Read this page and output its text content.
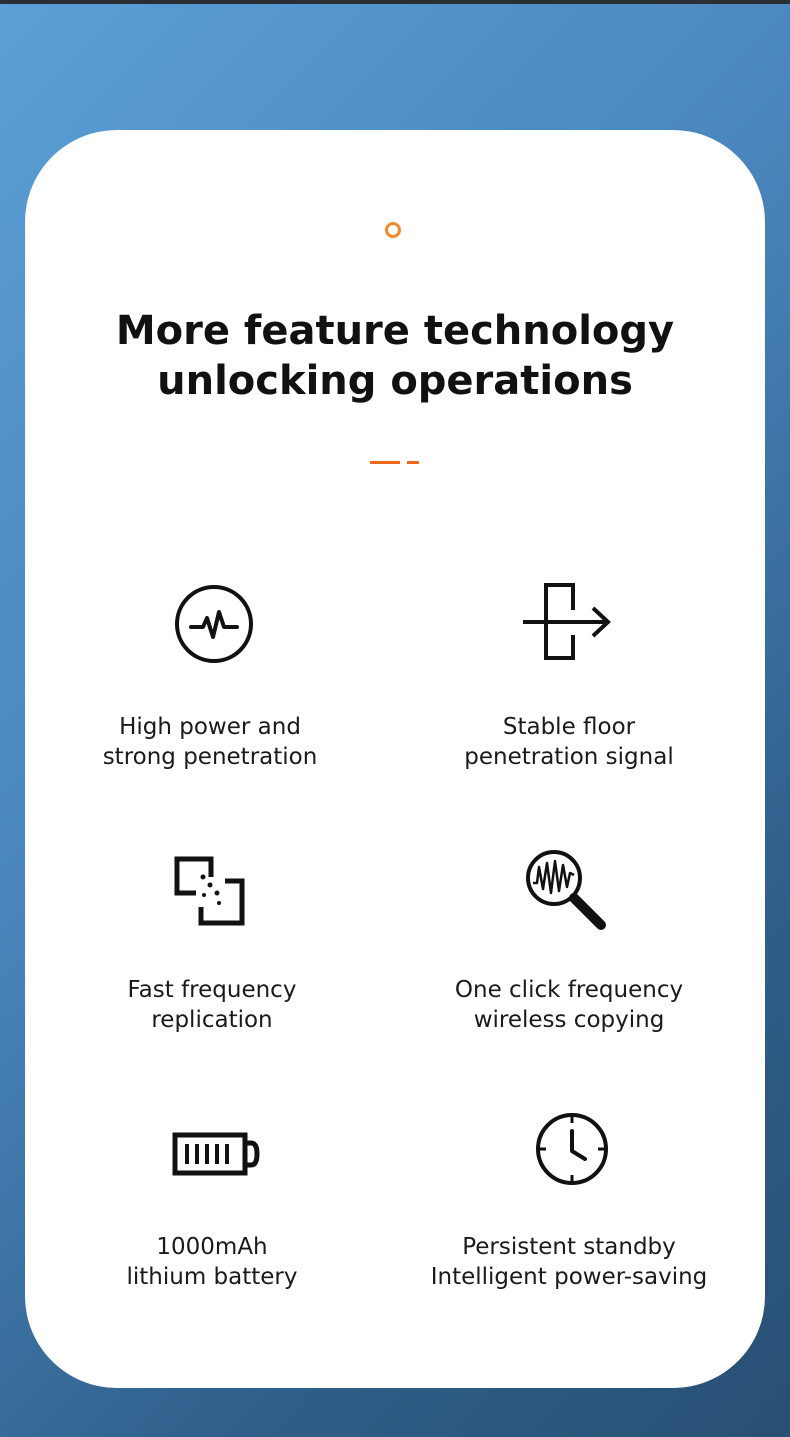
More feature technology
unlocking operations
High power and
strong penetration
Stable floor
penetration signal
Fast frequency
replication
One click frequency
wireless copying
1000mAh
lithium battery
Persistent standby
Intelligent power-saving
